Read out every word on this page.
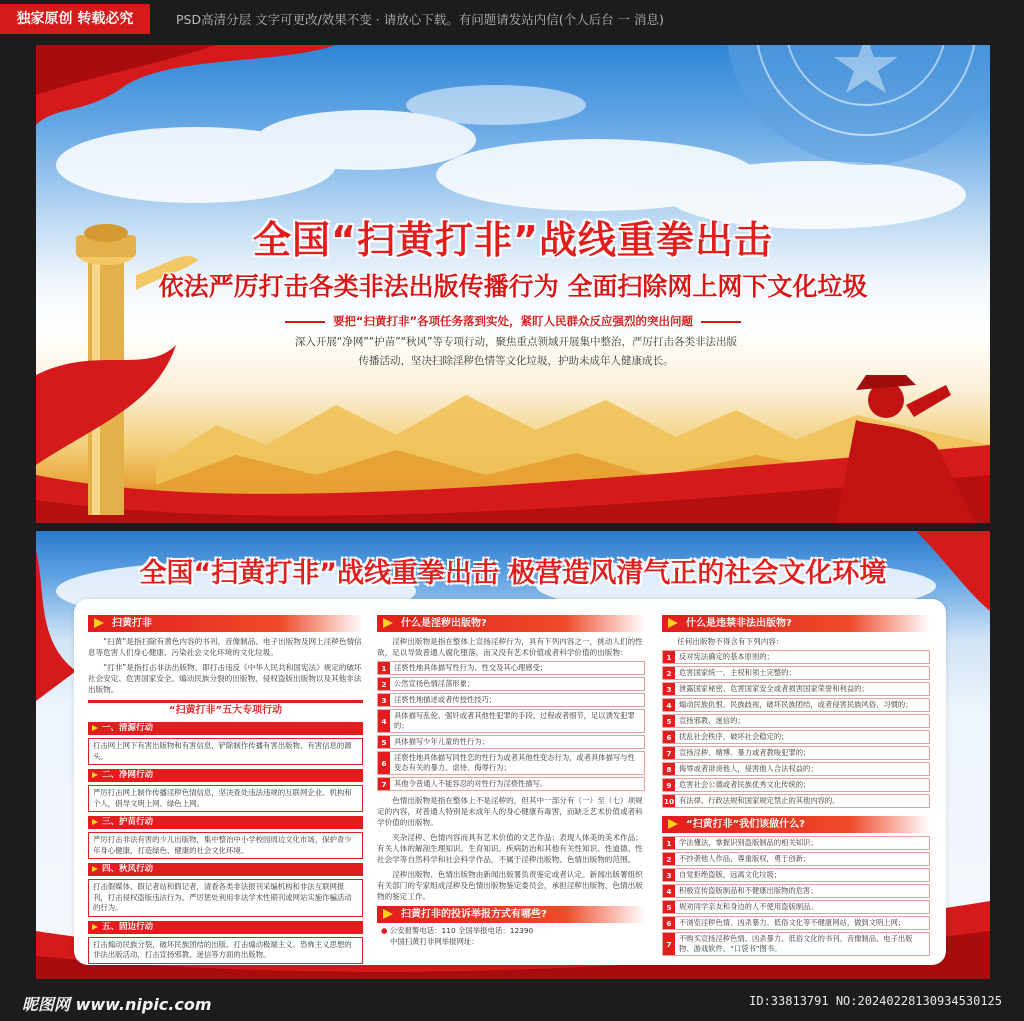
独家原创 转载必究	PSD高清分层 文字可更改/效果不变 · 请放心下载。有问题请发站内信(个人后台 一 消息)
全国“扫黄打非”战线重拳出击
依法严厉打击各类非法出版传播行为 全面扫除网上网下文化垃圾
要把“扫黄打非”各项任务落到实处，紧盯人民群众反应强烈的突出问题
深入开展“净网”“护苗”“秋风”等专项行动，聚焦重点领域开展集中整治，严厉打击各类非法出版传播活动，坚决扫除淫秽色情等文化垃圾，护助未成年人健康成长。
全国“扫黄打非”战线重拳出击 极营造风清气正的社会文化环境
扫黄打非
“扫黄”是指扫除有黄色内容的书刊、音像制品、电子出版物及网上淫秽色情信息等危害人们身心健康、污染社会文化环境的文化垃圾。
“打非”是指打击非法出版物、即打击违反《中华人民共和国宪法》规定的破坏社会安定、危害国家安全、煽动民族分裂的出版物，侵权盗版出版物以及其他非法出版物。
“扫黄打非”五大专项行动
一、清源行动
打击网上网下有害出版物和有害信息，铲除制作传播有害出版物、有害信息的源头。
二、净网行动
严厉打击网上制作传播淫秽色情信息，坚决查处违法违规的互联网企业、机构和个人，倡导文明上网、绿色上网。
三、护苗行动
严厉打击非法有害的少儿出版物，集中整治中小学校园周边文化市场，保护青少年身心健康，打造绿色、健康的社会文化环境。
四、秋风行动
打击假媒体、假记者站和假记者，清查各类非法报刊采编机构和非法互联网报刊，打击侵权盗版违法行为。严厉惩处利用非法学术性期刊或网站实施诈骗活动的行为。
五、固边行动
打击煽动民族分裂，破坏民族团结的出版。打击煽动极端主义、恐怖主义思想的非法出版活动，打击宣扬邪教、迷信等方面的出版物。
什么是淫秽出版物?
淫秽出版物是指在整体上宣扬淫秽行为，具有下列内容之一，挑动人们的性欲，足以导致普通人腐化堕落，而又没有艺术价值或者科学价值的出版物：
1	淫亵性地具体描写性行为、性交及其心理感受；
2	公然宣扬色情淫荡形象；
3	淫亵性地描述或者传授性技巧；
4
具体描写乱伦、强奸或者其他性犯罪的手段、过程或者细节，足以诱发犯罪的；
5	具体描写少年儿童的性行为；
6
淫亵性地具体描写同性恋的性行为或者其他性变态行为，或者具体描写与性变态有关的暴力、虐待、侮辱行为；
7	其他令普通人不能容忍的对性行为淫亵性描写。
色情出版物是指在整体上不是淫秽的，但其中一部分有（一）至（七）项规定的内容，对普通人特别是未成年人的身心健康有毒害，而缺乏艺术价值或者科学价值的出版物。
夹杂淫秽、色情内容而具有艺术价值的文艺作品；表现人体美的美术作品；有关人体的解剖生理知识、生育知识、疾病防治和其他有关性知识、性道德、性社会学等自然科学和社会科学作品，不属于淫秽出版物、色情出版物的范围。
淫秽出版物、色情出版物由新闻出版署负责鉴定或者认定。新闻出版署组织有关部门的专家组成淫秽及色情出版物鉴定委员会，承担淫秽出版物、色情出版物的鉴定工作。
扫黄打非的投诉举报方式有哪些?
● 公安报警电话：110 全国举报电话：12390
中国扫黄打非网举报网址：
什么是违禁非法出版物?
任何出版物不得含有下列内容：
1	反对宪法确定的基本原则的；
2	危害国家统一、主权和领土完整的；
3	泄露国家秘密、危害国家安全或者损害国家荣誉和利益的；
4	煽动民族仇恨、民族歧视，破坏民族团结，或者侵害民族风俗、习惯的；
5	宣扬邪教、迷信的；
6	扰乱社会秩序，破坏社会稳定的；
7	宣扬淫秽、赌博、暴力或者教唆犯罪的；
8	侮辱或者诽谤他人，侵害他人合法权益的；
9	危害社会公德或者民族优秀文化传统的；
10 有法律、行政法规和国家规定禁止的其他内容的。
“扫黄打非”我们该做什么?
1	学法懂法，掌握识别盗版制品的相关知识；
2	不抄袭他人作品，尊重版权，勇于创新；
3	自觉拒绝盗版，远离文化垃圾；
4	积极宣传盗版制品和不健康出版物的危害；
5	规劝同学亲友和身边的人不使用盗版制品。
6	不浏览淫秽色情、凶杀暴力、低俗文化等不健康网站，做到文明上网；
7
不购买宣扬淫秽色情、凶杀暴力、低俗文化的书刊、音像制品、电子出版物、游戏软件、“口袋书”图书。
昵图网 www.nipic.com	ID:33813791 NO:20240228130934530125
